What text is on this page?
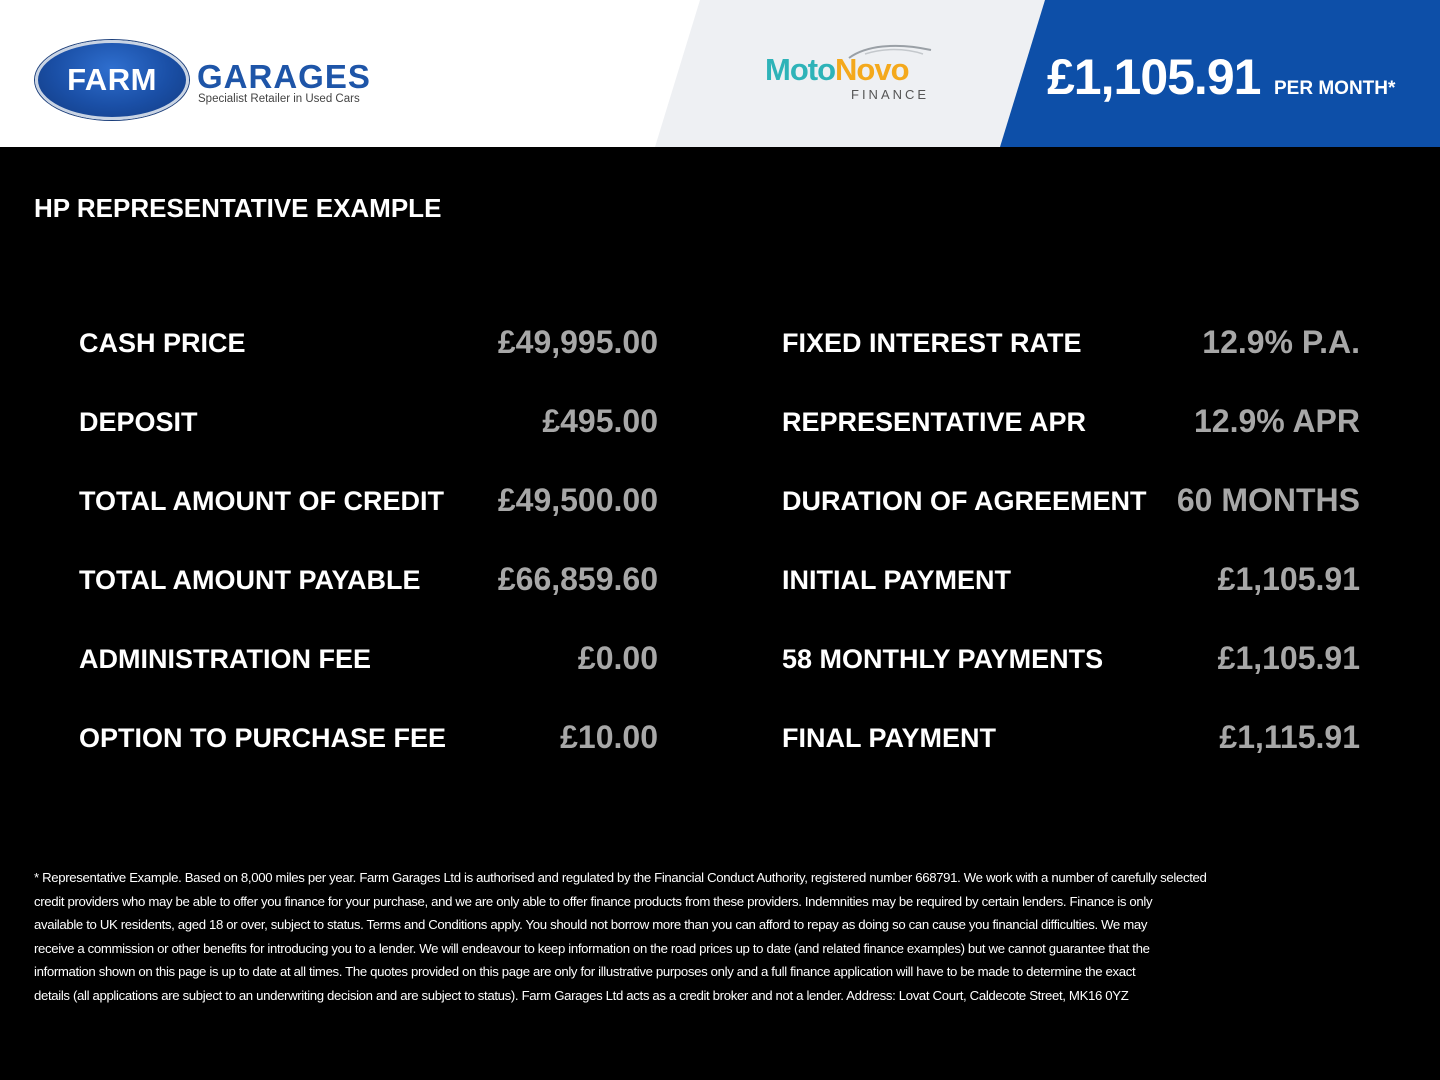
FARM GARAGES
Specialist Retailer in Used Cars
MotoNovo
FINANCE £1,105.91 PER MONTH*
HP REPRESENTATIVE EXAMPLE
CASH PRICE	£49,995.00
DEPOSIT	£495.00
TOTAL AMOUNT OF CREDIT £49,500.00
TOTAL AMOUNT PAYABLE £66,859.60
ADMINISTRATION FEE	£0.00
OPTION TO PURCHASE FEE	£10.00
FIXED INTEREST RATE	12.9% P.A.
REPRESENTATIVE APR	12.9% APR
DURATION OF AGREEMENT 60 MONTHS
INITIAL PAYMENT	£1,105.91
58 MONTHLY PAYMENTS	£1,105.91
FINAL PAYMENT	£1,115.91
* Representative Example. Based on 8,000 miles per year. Farm Garages Ltd is authorised and regulated by the Financial Conduct Authority, registered number 668791. We work with a number of carefully selected
credit providers who may be able to offer you finance for your purchase, and we are only able to offer finance products from these providers. Indemnities may be required by certain lenders. Finance is only
available to UK residents, aged 18 or over, subject to status. Terms and Conditions apply. You should not borrow more than you can afford to repay as doing so can cause you financial difficulties. We may
receive a commission or other benefits for introducing you to a lender. We will endeavour to keep information on the road prices up to date (and related finance examples) but we cannot guarantee that the
information shown on this page is up to date at all times. The quotes provided on this page are only for illustrative purposes only and a full finance application will have to be made to determine the exact
details (all applications are subject to an underwriting decision and are subject to status). Farm Garages Ltd acts as a credit broker and not a lender. Address: Lovat Court, Caldecote Street, MK16 0YZ
